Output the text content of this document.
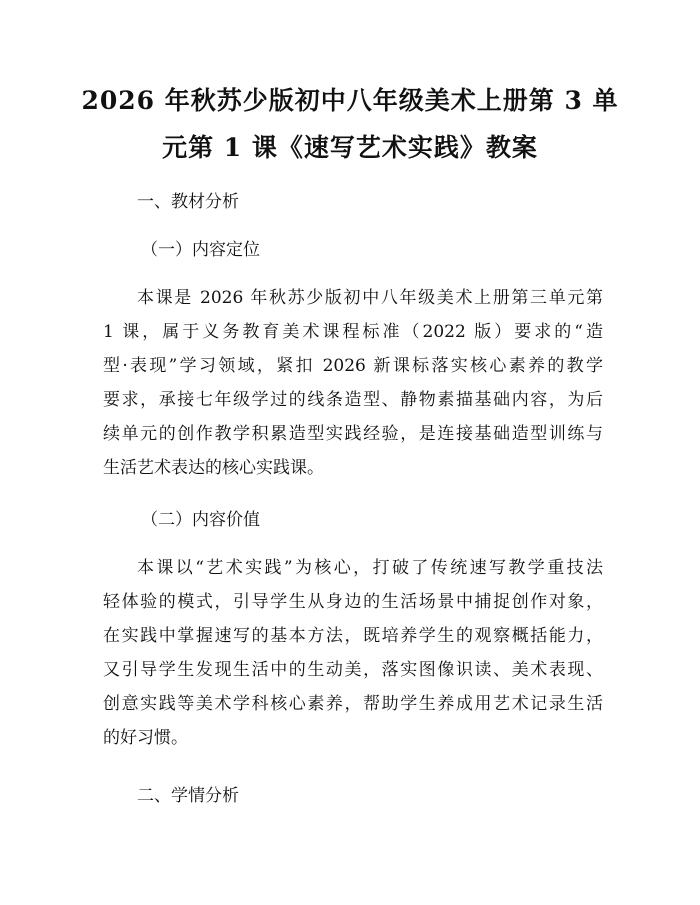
2026 年秋苏少版初中八年级美术上册第 3 单
元第 1 课《速写艺术实践》教案
一、教材分析
（一）内容定位
本课是 2026 年秋苏少版初中八年级美术上册第三单元第
1 课，属于义务教育美术课程标准（2022 版）要求的“造
型·表现”学习领域，紧扣 2026 新课标落实核心素养的教学
要求，承接七年级学过的线条造型、静物素描基础内容，为后
续单元的创作教学积累造型实践经验，是连接基础造型训练与
生活艺术表达的核心实践课。
（二）内容价值
本课以“艺术实践”为核心，打破了传统速写教学重技法
轻体验的模式，引导学生从身边的生活场景中捕捉创作对象，
在实践中掌握速写的基本方法，既培养学生的观察概括能力，
又引导学生发现生活中的生动美，落实图像识读、美术表现、
创意实践等美术学科核心素养，帮助学生养成用艺术记录生活
的好习惯。
二、学情分析
